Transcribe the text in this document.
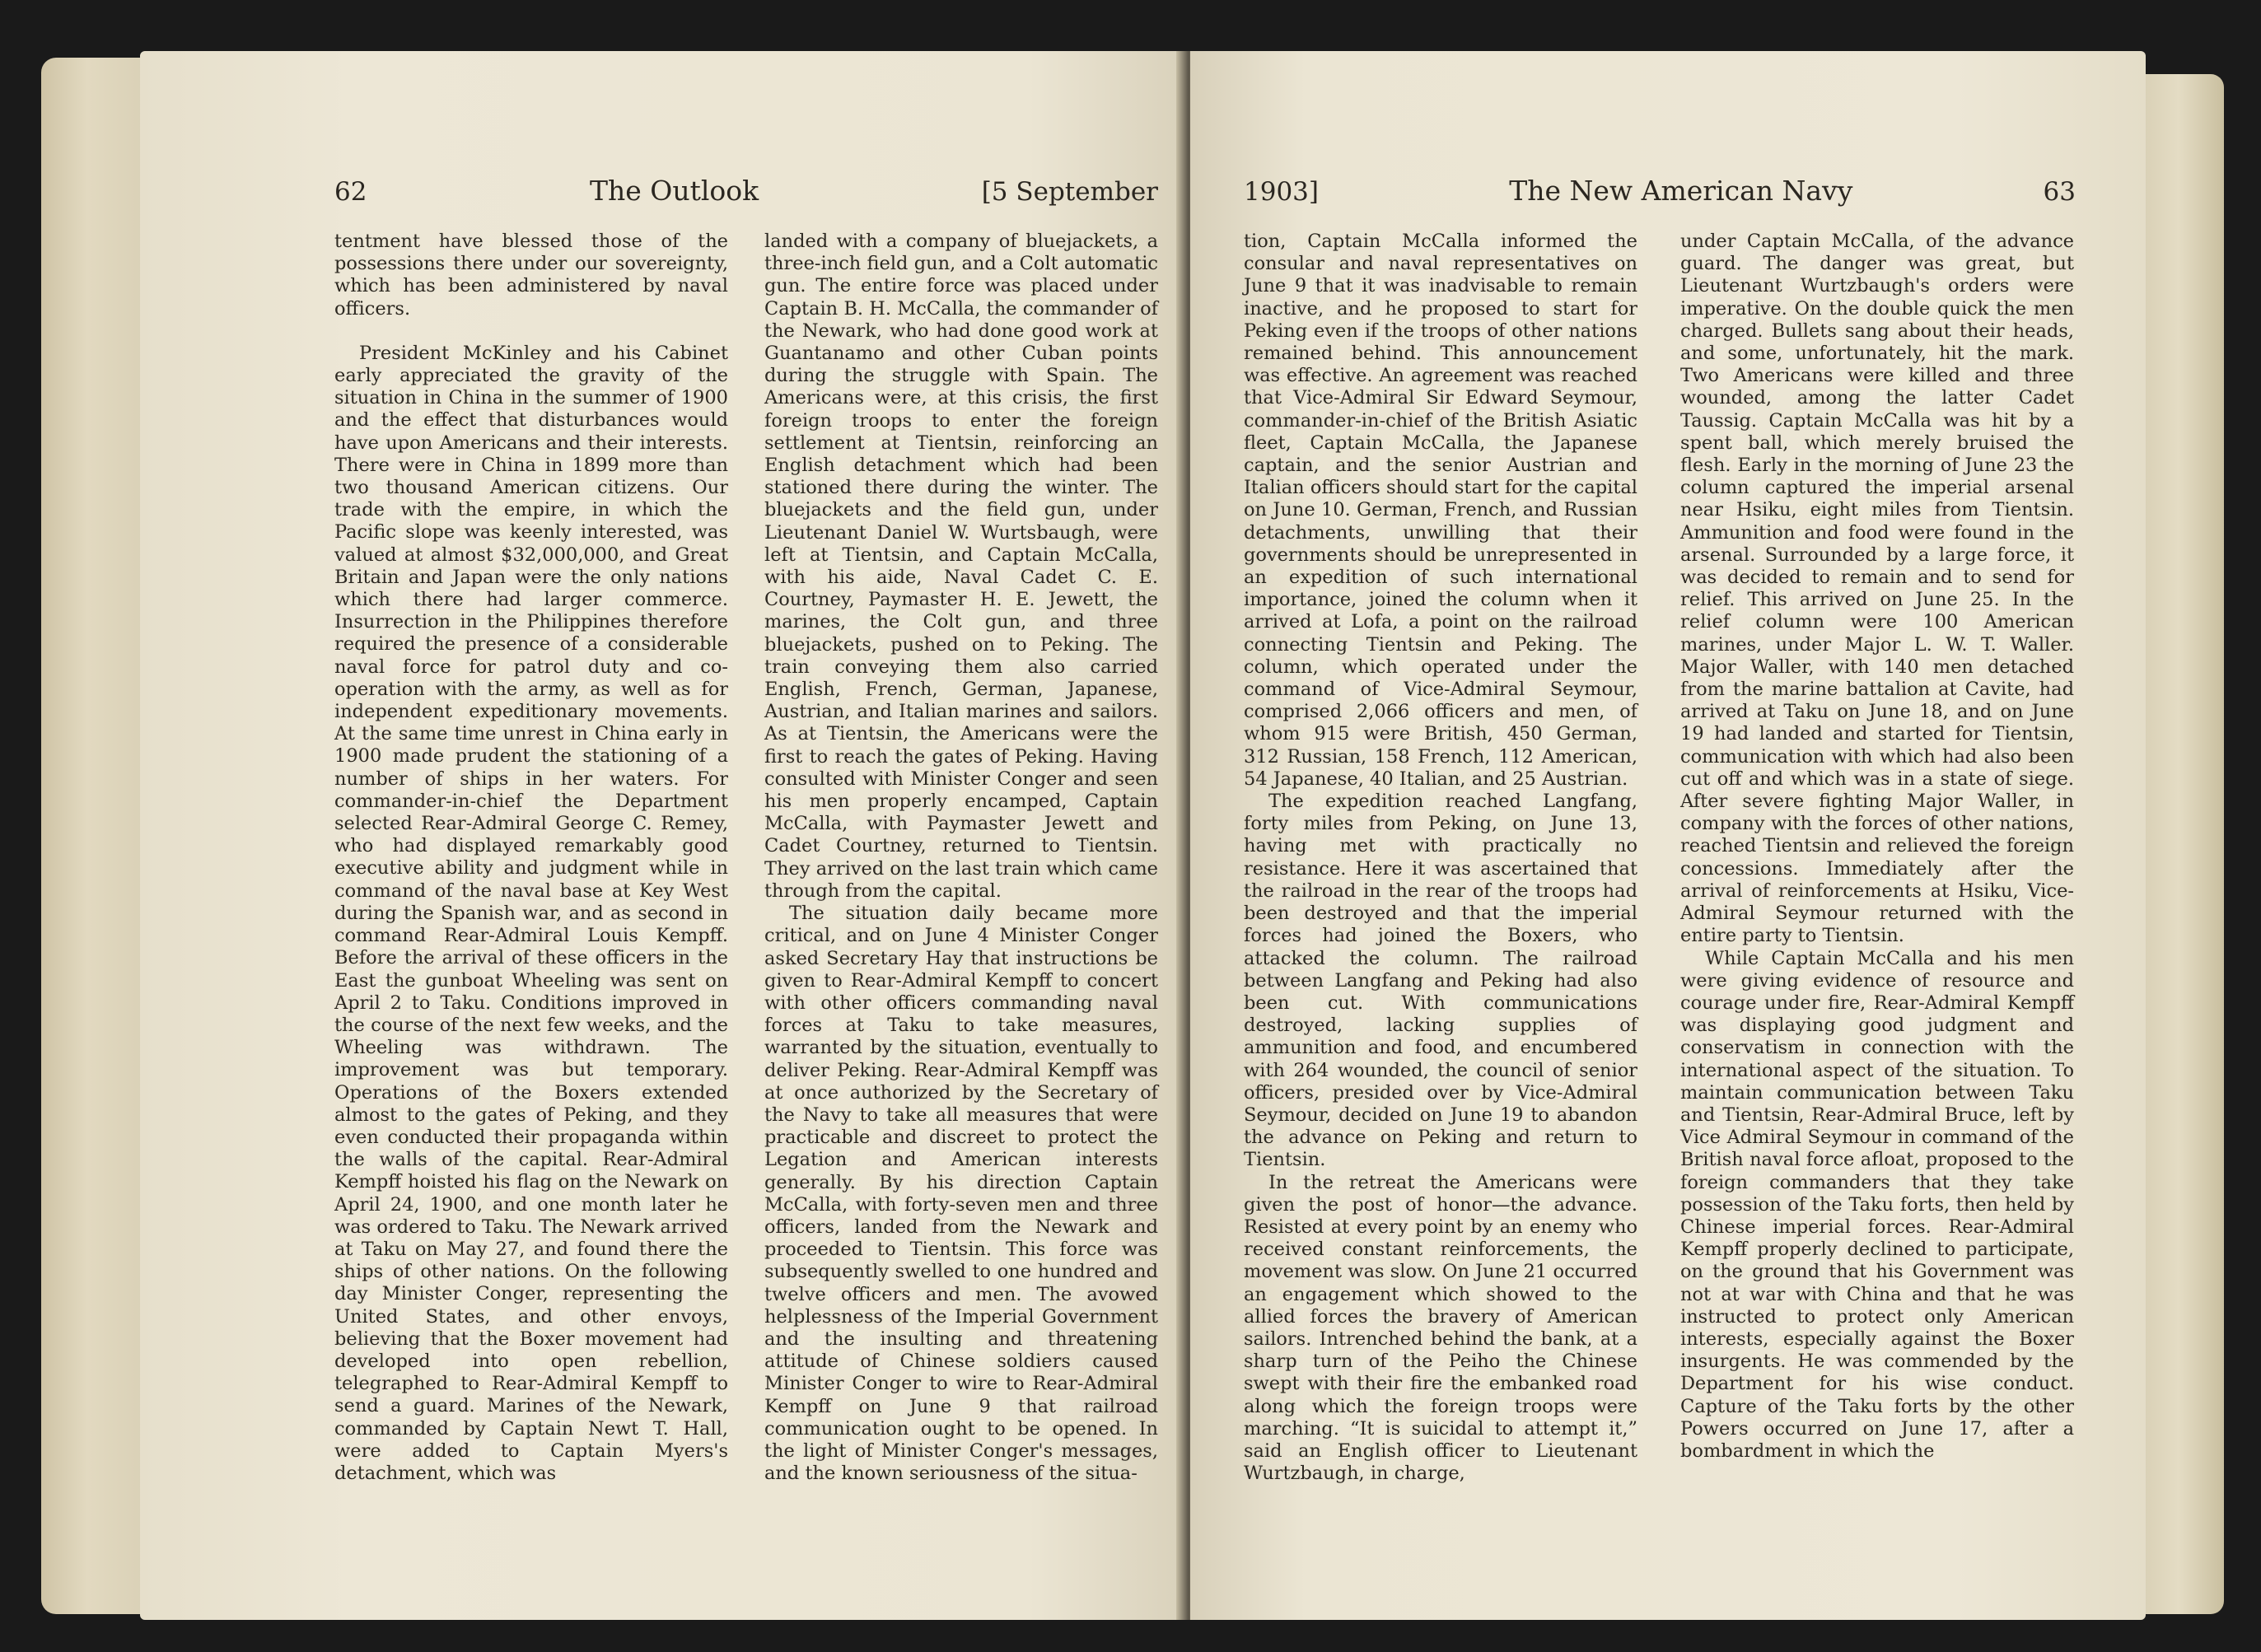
62	The Outlook	[5 September

tentment have blessed those of the possessions there under our sovereignty, which has been administered by naval officers.

President McKinley and his Cabinet early appreciated the gravity of the situation in China in the summer of 1900 and the effect that disturbances would have upon Americans and their interests. There were in China in 1899 more than two thousand American citizens. Our trade with the empire, in which the Pacific slope was keenly interested, was valued at almost $32,000,000, and Great Britain and Japan were the only nations which there had larger commerce. Insurrection in the Philippines therefore required the presence of a considerable naval force for patrol duty and co-operation with the army, as well as for independent expeditionary movements. At the same time unrest in China early in 1900 made prudent the stationing of a number of ships in her waters. For commander-in-chief the Department selected Rear-Admiral George C. Remey, who had displayed remarkably good executive ability and judgment while in command of the naval base at Key West during the Spanish war, and as second in command Rear-Admiral Louis Kempff. Before the arrival of these officers in the East the gunboat Wheeling was sent on April 2 to Taku. Conditions improved in the course of the next few weeks, and the Wheeling was withdrawn. The improvement was but temporary. Operations of the Boxers extended almost to the gates of Peking, and they even conducted their propaganda within the walls of the capital. Rear-Admiral Kempff hoisted his flag on the Newark on April 24, 1900, and one month later he was ordered to Taku. The Newark arrived at Taku on May 27, and found there the ships of other nations. On the following day Minister Conger, representing the United States, and other envoys, believing that the Boxer movement had developed into open rebellion, telegraphed to Rear-Admiral Kempff to send a guard. Marines of the Newark, commanded by Captain Newt T. Hall, were added to Captain Myers's detachment, which was

landed with a company of bluejackets, a three-inch field gun, and a Colt automatic gun. The entire force was placed under Captain B. H. McCalla, the commander of the Newark, who had done good work at Guantanamo and other Cuban points during the struggle with Spain. The Americans were, at this crisis, the first foreign troops to enter the foreign settlement at Tientsin, reinforcing an English detachment which had been stationed there during the winter. The bluejackets and the field gun, under Lieutenant Daniel W. Wurtsbaugh, were left at Tientsin, and Captain McCalla, with his aide, Naval Cadet C. E. Courtney, Paymaster H. E. Jewett, the marines, the Colt gun, and three bluejackets, pushed on to Peking. The train conveying them also carried English, French, German, Japanese, Austrian, and Italian marines and sailors. As at Tientsin, the Americans were the first to reach the gates of Peking. Having consulted with Minister Conger and seen his men properly encamped, Captain McCalla, with Paymaster Jewett and Cadet Courtney, returned to Tientsin. They arrived on the last train which came through from the capital.

The situation daily became more critical, and on June 4 Minister Conger asked Secretary Hay that instructions be given to Rear-Admiral Kempff to concert with other officers commanding naval forces at Taku to take measures, warranted by the situation, eventually to deliver Peking. Rear-Admiral Kempff was at once authorized by the Secretary of the Navy to take all measures that were practicable and discreet to protect the Legation and American interests generally. By his direction Captain McCalla, with forty-seven men and three officers, landed from the Newark and proceeded to Tientsin. This force was subsequently swelled to one hundred and twelve officers and men. The avowed helplessness of the Imperial Government and the insulting and threatening attitude of Chinese soldiers caused Minister Conger to wire to Rear-Admiral Kempff on June 9 that railroad communication ought to be opened. In the light of Minister Conger's messages, and the known seriousness of the situa-

1903]	The New American Navy	63

tion, Captain McCalla informed the consular and naval representatives on June 9 that it was inadvisable to remain inactive, and he proposed to start for Peking even if the troops of other nations remained behind. This announcement was effective. An agreement was reached that Vice-Admiral Sir Edward Seymour, commander-in-chief of the British Asiatic fleet, Captain McCalla, the Japanese captain, and the senior Austrian and Italian officers should start for the capital on June 10. German, French, and Russian detachments, unwilling that their governments should be unrepresented in an expedition of such international importance, joined the column when it arrived at Lofa, a point on the railroad connecting Tientsin and Peking. The column, which operated under the command of Vice-Admiral Seymour, comprised 2,066 officers and men, of whom 915 were British, 450 German, 312 Russian, 158 French, 112 American, 54 Japanese, 40 Italian, and 25 Austrian.

The expedition reached Langfang, forty miles from Peking, on June 13, having met with practically no resistance. Here it was ascertained that the railroad in the rear of the troops had been destroyed and that the imperial forces had joined the Boxers, who attacked the column. The railroad between Langfang and Peking had also been cut. With communications destroyed, lacking supplies of ammunition and food, and encumbered with 264 wounded, the council of senior officers, presided over by Vice-Admiral Seymour, decided on June 19 to abandon the advance on Peking and return to Tientsin.

In the retreat the Americans were given the post of honor—the advance. Resisted at every point by an enemy who received constant reinforcements, the movement was slow. On June 21 occurred an engagement which showed to the allied forces the bravery of American sailors. Intrenched behind the bank, at a sharp turn of the Peiho the Chinese swept with their fire the embanked road along which the foreign troops were marching. “It is suicidal to attempt it,” said an English officer to Lieutenant Wurtzbaugh, in charge,

under Captain McCalla, of the advance guard. The danger was great, but Lieutenant Wurtzbaugh's orders were imperative. On the double quick the men charged. Bullets sang about their heads, and some, unfortunately, hit the mark. Two Americans were killed and three wounded, among the latter Cadet Taussig. Captain McCalla was hit by a spent ball, which merely bruised the flesh. Early in the morning of June 23 the column captured the imperial arsenal near Hsiku, eight miles from Tientsin. Ammunition and food were found in the arsenal. Surrounded by a large force, it was decided to remain and to send for relief. This arrived on June 25. In the relief column were 100 American marines, under Major L. W. T. Waller. Major Waller, with 140 men detached from the marine battalion at Cavite, had arrived at Taku on June 18, and on June 19 had landed and started for Tientsin, communication with which had also been cut off and which was in a state of siege. After severe fighting Major Waller, in company with the forces of other nations, reached Tientsin and relieved the foreign concessions. Immediately after the arrival of reinforcements at Hsiku, Vice-Admiral Seymour returned with the entire party to Tientsin.

While Captain McCalla and his men were giving evidence of resource and courage under fire, Rear-Admiral Kempff was displaying good judgment and conservatism in connection with the international aspect of the situation. To maintain communication between Taku and Tientsin, Rear-Admiral Bruce, left by Vice Admiral Seymour in command of the British naval force afloat, proposed to the foreign commanders that they take possession of the Taku forts, then held by Chinese imperial forces. Rear-Admiral Kempff properly declined to participate, on the ground that his Government was not at war with China and that he was instructed to protect only American interests, especially against the Boxer insurgents. He was commended by the Department for his wise conduct. Capture of the Taku forts by the other Powers occurred on June 17, after a bombardment in which the
